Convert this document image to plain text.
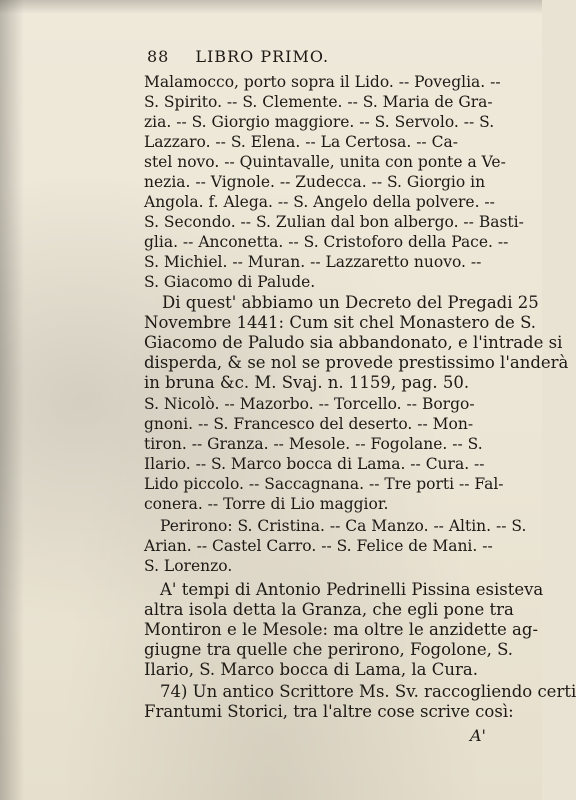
88 LIBRO PRIMO.
Malamocco, porto sopra il Lido. -- Poveglia. --
S. Spirito. -- S. Clemente. -- S. Maria de Gra-
zia. -- S. Giorgio maggiore. -- S. Servolo. -- S.
Lazzaro. -- S. Elena. -- La Certosa. -- Ca-
stel novo. -- Quintavalle, unita con ponte a Ve-
nezia. -- Vignole. -- Zudecca. -- S. Giorgio in
Angola. f. Alega. -- S. Angelo della polvere. --
S. Secondo. -- S. Zulian dal bon albergo. -- Basti-
glia. -- Anconetta. -- S. Cristoforo della Pace. --
S. Michiel. -- Muran. -- Lazzaretto nuovo. --
S. Giacomo di Palude.
Di quest' abbiamo un Decreto del Pregadi 25
Novembre 1441: Cum sit chel Monastero de S.
Giacomo de Paludo sia abbandonato, e l'intrade si
disperda, & se nol se provede prestissimo l'anderà
in bruna &c. M. Svaj. n. 1159, pag. 50.
S. Nicolò. -- Mazorbo. -- Torcello. -- Borgo-
gnoni. -- S. Francesco del deserto. -- Mon-
tiron. -- Granza. -- Mesole. -- Fogolane. -- S.
Ilario. -- S. Marco bocca di Lama. -- Cura. --
Lido piccolo. -- Saccagnana. -- Tre porti -- Fal-
conera. -- Torre di Lio maggior.
Perirono: S. Cristina. -- Ca Manzo. -- Altin. -- S.
Arian. -- Castel Carro. -- S. Felice de Mani. --
S. Lorenzo.
A' tempi di Antonio Pedrinelli Pissina esisteva
altra isola detta la Granza, che egli pone tra
Montiron e le Mesole: ma oltre le anzidette ag-
giugne tra quelle che perirono, Fogolone, S.
Ilario, S. Marco bocca di Lama, la Cura.
74) Un antico Scrittore Ms. Sv. raccogliendo certi
Frantumi Storici, tra l'altre cose scrive così:
A'
